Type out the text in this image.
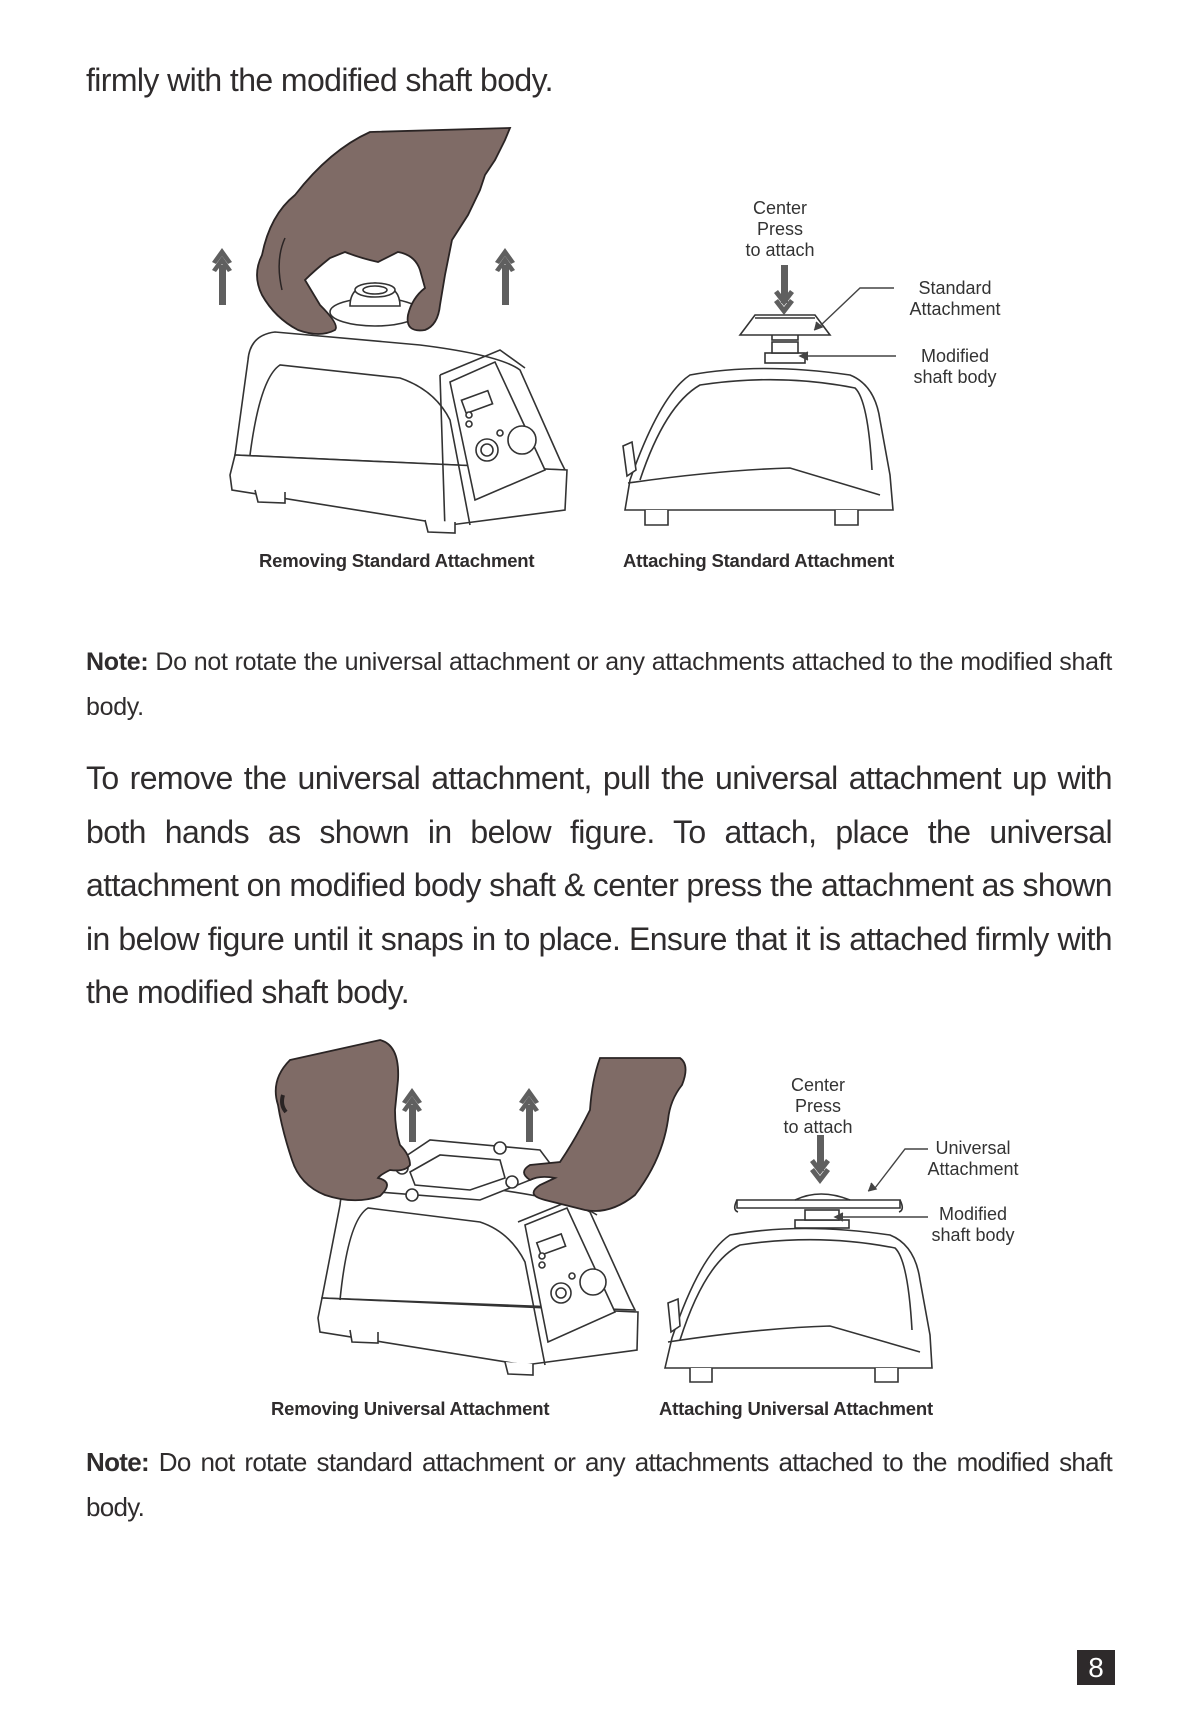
firmly with the modified shaft body.
Center
Press
to attach
Standard
Attachment
Modified
shaft body
Removing Standard Attachment	Attaching Standard Attachment
Note: Do not rotate the universal attachment or any attachments attached to the modified shaft body.
To remove the universal attachment, pull the universal attachment up with both hands as shown in below figure. To attach, place the universal attachment on modified body shaft & center press the attachment as shown in below figure until it snaps in to place. Ensure that it is attached firmly with the modified shaft body.
Center
Press
to attach
Universal
Attachment
Modified
shaft body
Removing Universal Attachment	Attaching Universal Attachment
Note: Do not rotate standard attachment or any attachments attached to the modified shaft body.
8
